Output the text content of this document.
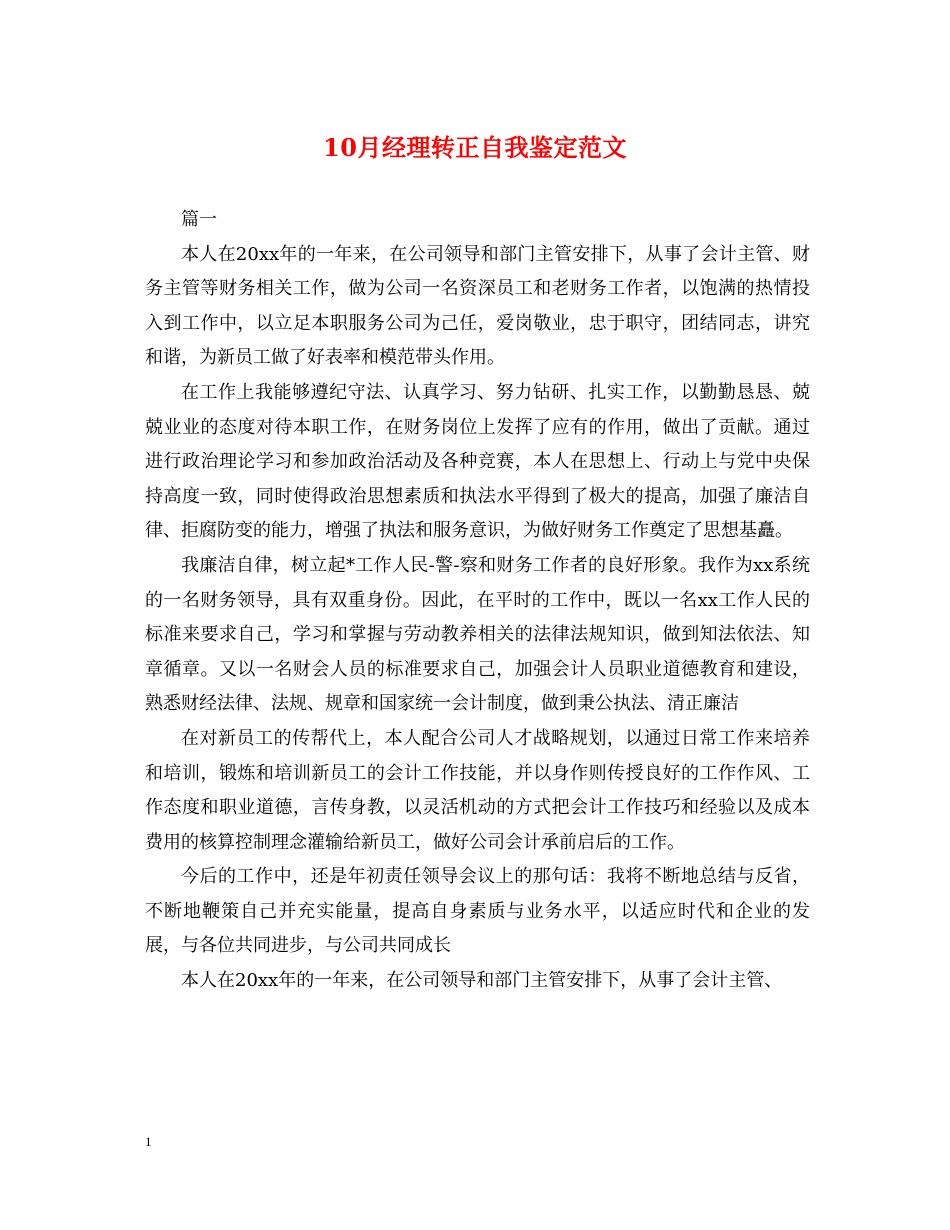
10月经理转正自我鉴定范文

篇一

本人在20xx年的一年来，在公司领导和部门主管安排下，从事了会计主管、财务主管等财务相关工作，做为公司一名资深员工和老财务工作者，以饱满的热情投入到工作中，以立足本职服务公司为己任，爱岗敬业，忠于职守，团结同志，讲究和谐，为新员工做了好表率和模范带头作用。

在工作上我能够遵纪守法、认真学习、努力钻研、扎实工作，以勤勤恳恳、兢兢业业的态度对待本职工作，在财务岗位上发挥了应有的作用，做出了贡献。通过进行政治理论学习和参加政治活动及各种竞赛，本人在思想上、行动上与党中央保持高度一致，同时使得政治思想素质和执法水平得到了极大的提高，加强了廉洁自律、拒腐防变的能力，增强了执法和服务意识，为做好财务工作奠定了思想基矗。

我廉洁自律，树立起*工作人民-警-察和财务工作者的良好形象。我作为xx系统的一名财务领导，具有双重身份。因此，在平时的工作中，既以一名xx工作人民的标准来要求自己，学习和掌握与劳动教养相关的法律法规知识，做到知法依法、知章循章。又以一名财会人员的标准要求自己，加强会计人员职业道德教育和建设，熟悉财经法律、法规、规章和国家统一会计制度，做到秉公执法、清正廉洁

在对新员工的传帮代上，本人配合公司人才战略规划，以通过日常工作来培养和培训，锻炼和培训新员工的会计工作技能，并以身作则传授良好的工作作风、工作态度和职业道德，言传身教，以灵活机动的方式把会计工作技巧和经验以及成本费用的核算控制理念灌输给新员工，做好公司会计承前启后的工作。

今后的工作中，还是年初责任领导会议上的那句话：我将不断地总结与反省，不断地鞭策自己并充实能量，提高自身素质与业务水平，以适应时代和企业的发展，与各位共同进步，与公司共同成长

本人在20xx年的一年来，在公司领导和部门主管安排下，从事了会计主管、

1
